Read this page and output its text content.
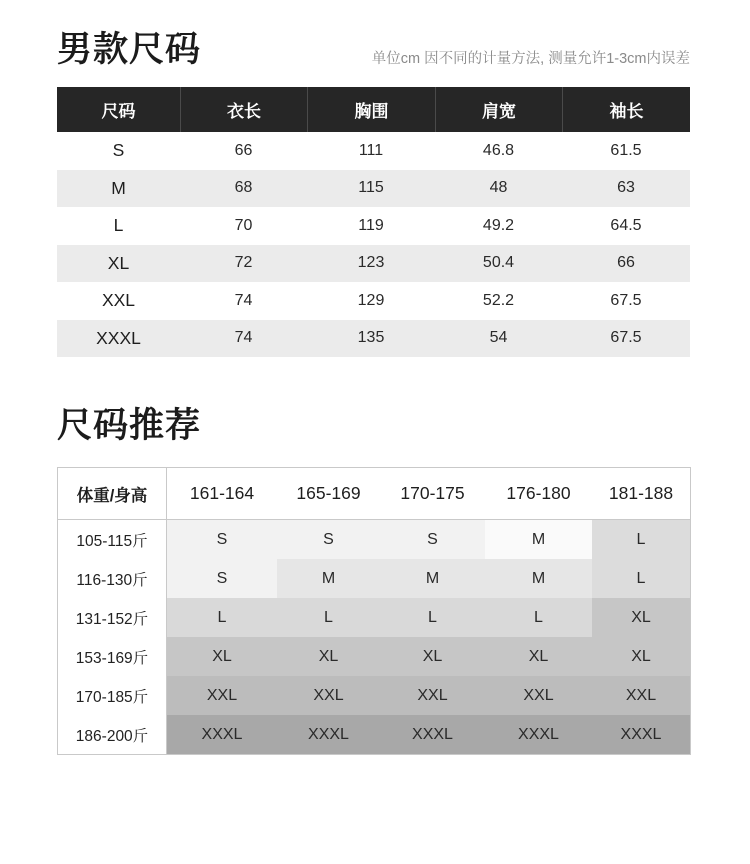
男款尺码	单位cm 因不同的计量方法, 测量允许1-3cm内误差
尺码	衣长	胸围	肩宽	袖长
S	66	111	46.8	61.5
M	68	115	48	63
L	70	119	49.2	64.5
XL	72	123	50.4	66
XXL	74	129	52.2	67.5
XXXL	74	135	54	67.5
尺码推荐
体重/身高	161-164	165-169	170-175	176-180	181-188
105-115斤	S	S	S	M	L
116-130斤	S	M	M	M	L
131-152斤	L	L	L	L	XL
153-169斤	XL	XL	XL	XL	XL
170-185斤	XXL	XXL	XXL	XXL	XXL
186-200斤	XXXL	XXXL	XXXL	XXXL	XXXL
